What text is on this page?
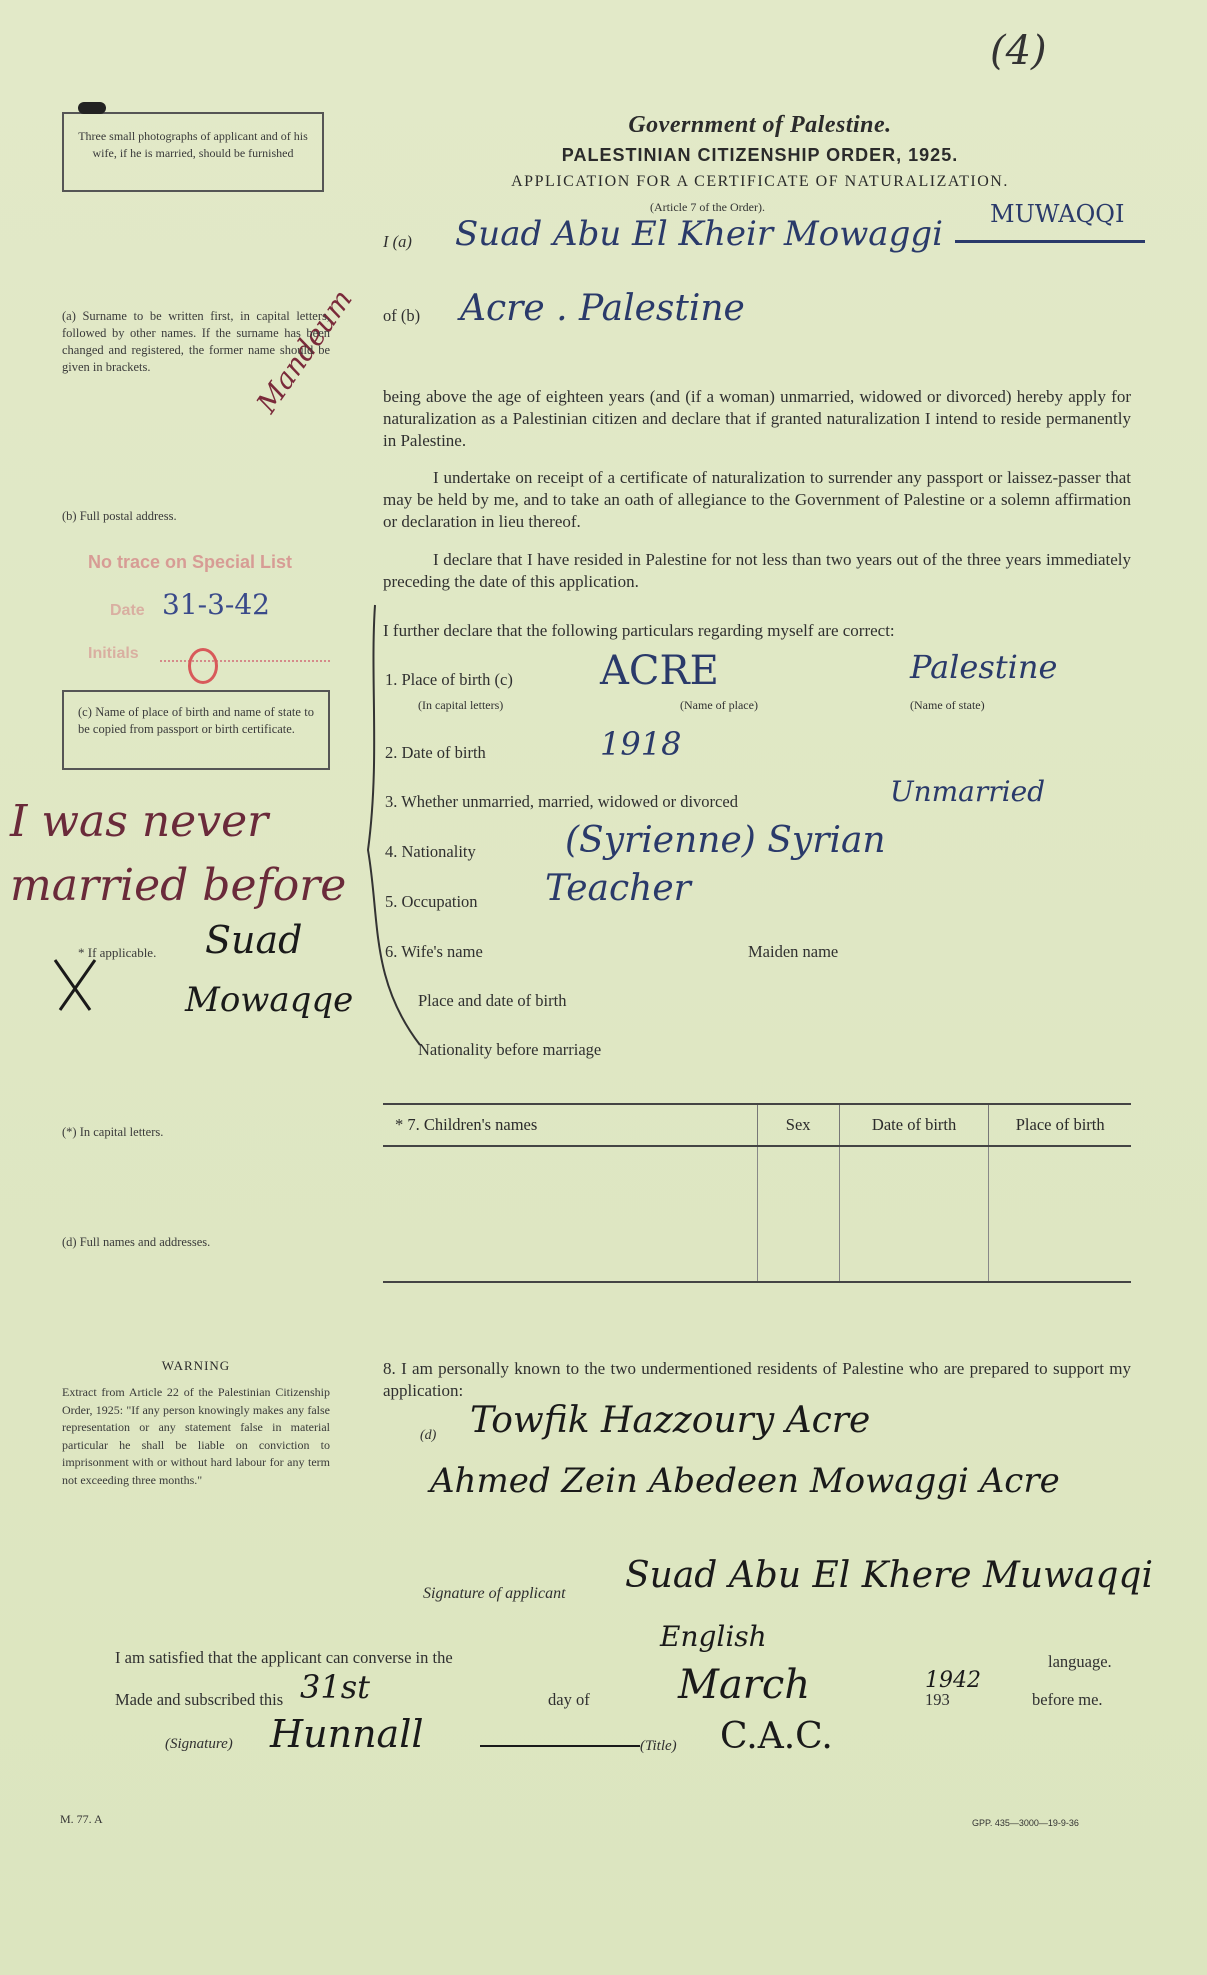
(4)
Three small photographs of applicant and of his wife, if he is married, should be furnished
Government of Palestine.
PALESTINIAN CITIZENSHIP ORDER, 1925.
APPLICATION FOR A CERTIFICATE OF NATURALIZATION.
(Article 7 of the Order).
I (a) Suad Abu El Kheir Mowaggi MUWAQQI
of (b) Acre . Palestine
Mandeum
(a) Surname to be written first, in capital letters, followed by other names. If the surname has been changed and registered, the former name should be given in brackets.
(b) Full postal address.
No trace on Special List
Date 31-3-42
Initials
(c) Name of place of birth and name of state to be copied from passport or birth certificate.
I was never married before
* If applicable. Suad
Mowaqqe
(*) In capital letters.
(d) Full names and addresses.
being above the age of eighteen years (and (if a woman) unmarried, widowed or divorced) hereby apply for naturalization as a Palestinian citizen and declare that if granted naturalization I intend to reside permanently in Palestine.
I undertake on receipt of a certificate of naturalization to surrender any passport or laissez-passer that may be held by me, and to take an oath of allegiance to the Government of Palestine or a solemn affirmation or declaration in lieu thereof.
I declare that I have resided in Palestine for not less than two years out of the three years immediately preceding the date of this application.
I further declare that the following particulars regarding myself are correct:
1. Place of birth (c) ACRE	Palestine
(In capital letters)	(Name of place)	(Name of state)
2. Date of birth	1918
3. Whether unmarried, married, widowed or divorced	Unmarried
4. Nationality (Syrienne) Syrian
5. Occupation Teacher
6. Wife's name	Maiden name
Place and date of birth
Nationality before marriage
* 7. Children's names	Sex	Date of birth	Place of birth

WARNING
Extract from Article 22 of the Palestinian Citizenship Order, 1925: "If any person knowingly makes any false representation or any statement false in material particular he shall be liable on conviction to imprisonment with or without hard labour for any term not exceeding three months."
8. I am personally known to the two undermentioned residents of Palestine who are prepared to support my application:
(d) Towfik Hazzoury Acre
Ahmed Zein Abedeen Mowaggi Acre
Signature of applicant Suad Abu El Khere Muwaqqi
I am satisfied that the applicant can converse in the
English
language.
Made and subscribed this 31st	day of March	193
1942
before me.
(Signature) Hunnall	(Title) C.A.C.
M. 77. A	GPP. 435—3000—19-9-36
